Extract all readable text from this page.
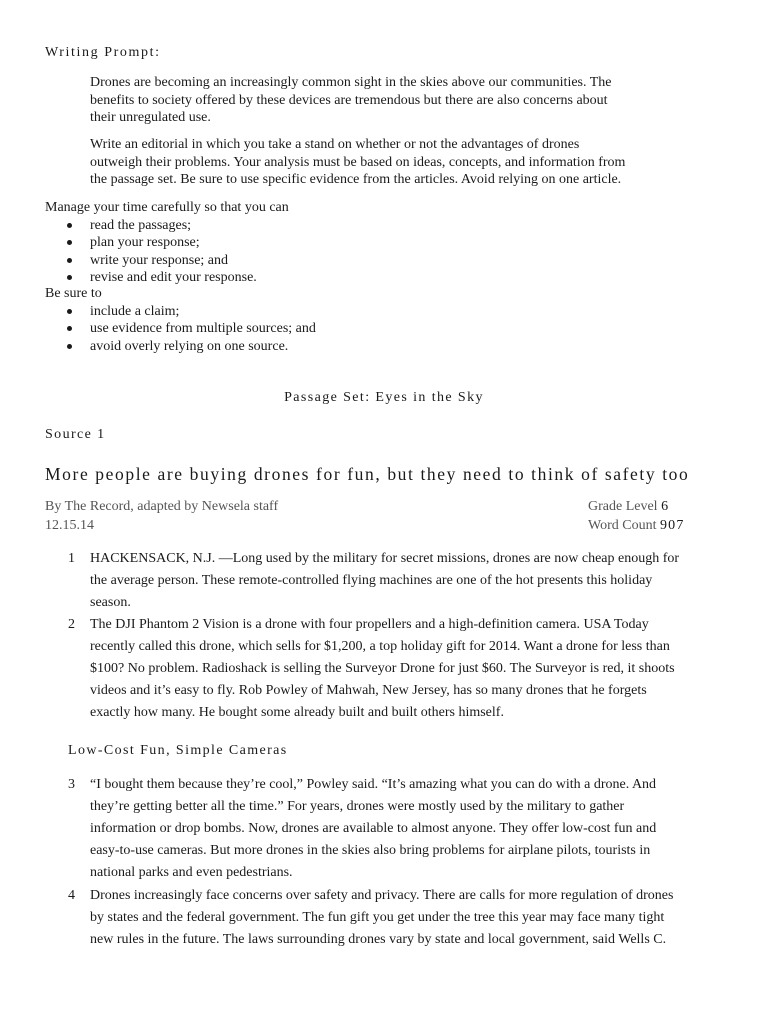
Writing Prompt:
Drones are becoming an increasingly common sight in the skies above our communities. The
benefits to society offered by these devices are tremendous but there are also concerns about
their unregulated use.
Write an editorial in which you take a stand on whether or not the advantages of drones
outweigh their problems. Your analysis must be based on ideas, concepts, and information from
the passage set. Be sure to use specific evidence from the articles. Avoid relying on one article.
Manage your time carefully so that you can
read the passages;
plan your response;
write your response; and
revise and edit your response.
Be sure to
include a claim;
use evidence from multiple sources; and
avoid overly relying on one source.
Passage Set: Eyes in the Sky
Source 1
More people are buying drones for fun, but they need to think of safety too
By The Record, adapted by Newsela staff
12.15.14
Grade Level 6
Word Count 907
1 HACKENSACK, N.J. —Long used by the military for secret missions, drones are now cheap enough for
the average person. These remote-controlled flying machines are one of the hot presents this holiday
season.
2 The DJI Phantom 2 Vision is a drone with four propellers and a high-definition camera. USA Today
recently called this drone, which sells for $1,200, a top holiday gift for 2014. Want a drone for less than
$100? No problem. Radioshack is selling the Surveyor Drone for just $60. The Surveyor is red, it shoots
videos and it’s easy to fly. Rob Powley of Mahwah, New Jersey, has so many drones that he forgets
exactly how many. He bought some already built and built others himself.
Low-Cost Fun, Simple Cameras
3 “I bought them because they’re cool,” Powley said. “It’s amazing what you can do with a drone. And
they’re getting better all the time.” For years, drones were mostly used by the military to gather
information or drop bombs. Now, drones are available to almost anyone. They offer low-cost fun and
easy-to-use cameras. But more drones in the skies also bring problems for airplane pilots, tourists in
national parks and even pedestrians.
4 Drones increasingly face concerns over safety and privacy. There are calls for more regulation of drones
by states and the federal government. The fun gift you get under the tree this year may face many tight
new rules in the future. The laws surrounding drones vary by state and local government, said Wells C.
